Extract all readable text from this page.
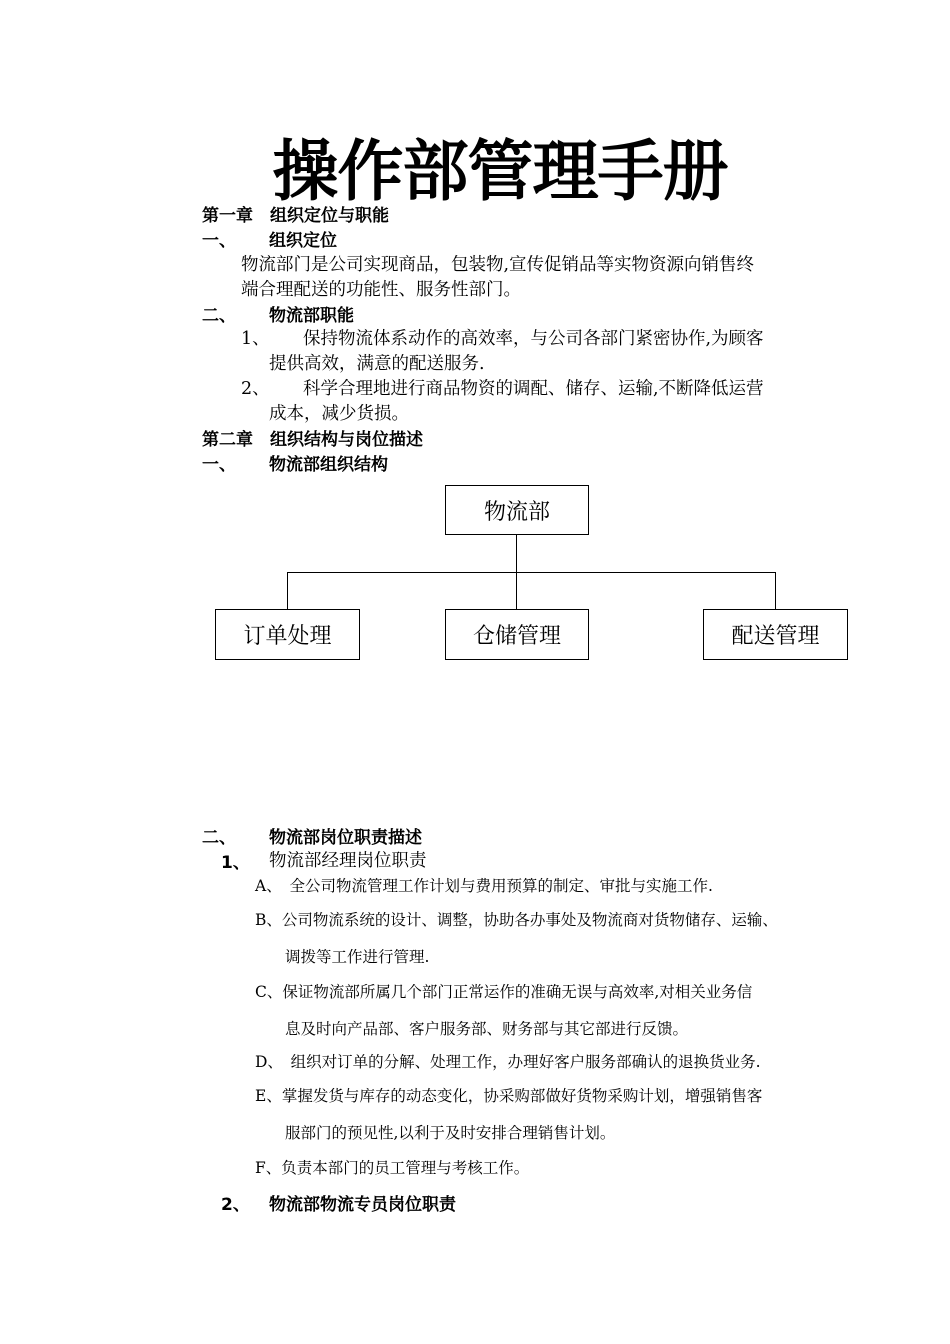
操作部管理手册
第一章　组织定位与职能
一、 组织定位
物流部门是公司实现商品，包装物,宣传促销品等实物资源向销售终
端合理配送的功能性、服务性部门。
二、 物流部职能
1、 保持物流体系动作的高效率，与公司各部门紧密协作,为顾客
提供高效，满意的配送服务.
2、 科学合理地进行商品物资的调配、储存、运输,不断降低运营
成本，减少货损。
第二章　组织结构与岗位描述
一、 物流部组织结构
物流部
订单处理	仓储管理	配送管理
二、 物流部岗位职责描述
1、 物流部经理岗位职责
A、　全公司物流管理工作计划与费用预算的制定、审批与实施工作.
B、公司物流系统的设计、调整，协助各办事处及物流商对货物储存、运输、
调拨等工作进行管理.
C、保证物流部所属几个部门正常运作的准确无误与高效率,对相关业务信
息及时向产品部、客户服务部、财务部与其它部进行反馈。
D、　组织对订单的分解、处理工作，办理好客户服务部确认的退换货业务.
E、掌握发货与库存的动态变化，协采购部做好货物采购计划，增强销售客
服部门的预见性,以利于及时安排合理销售计划。
F、负责本部门的员工管理与考核工作。
2、 物流部物流专员岗位职责
